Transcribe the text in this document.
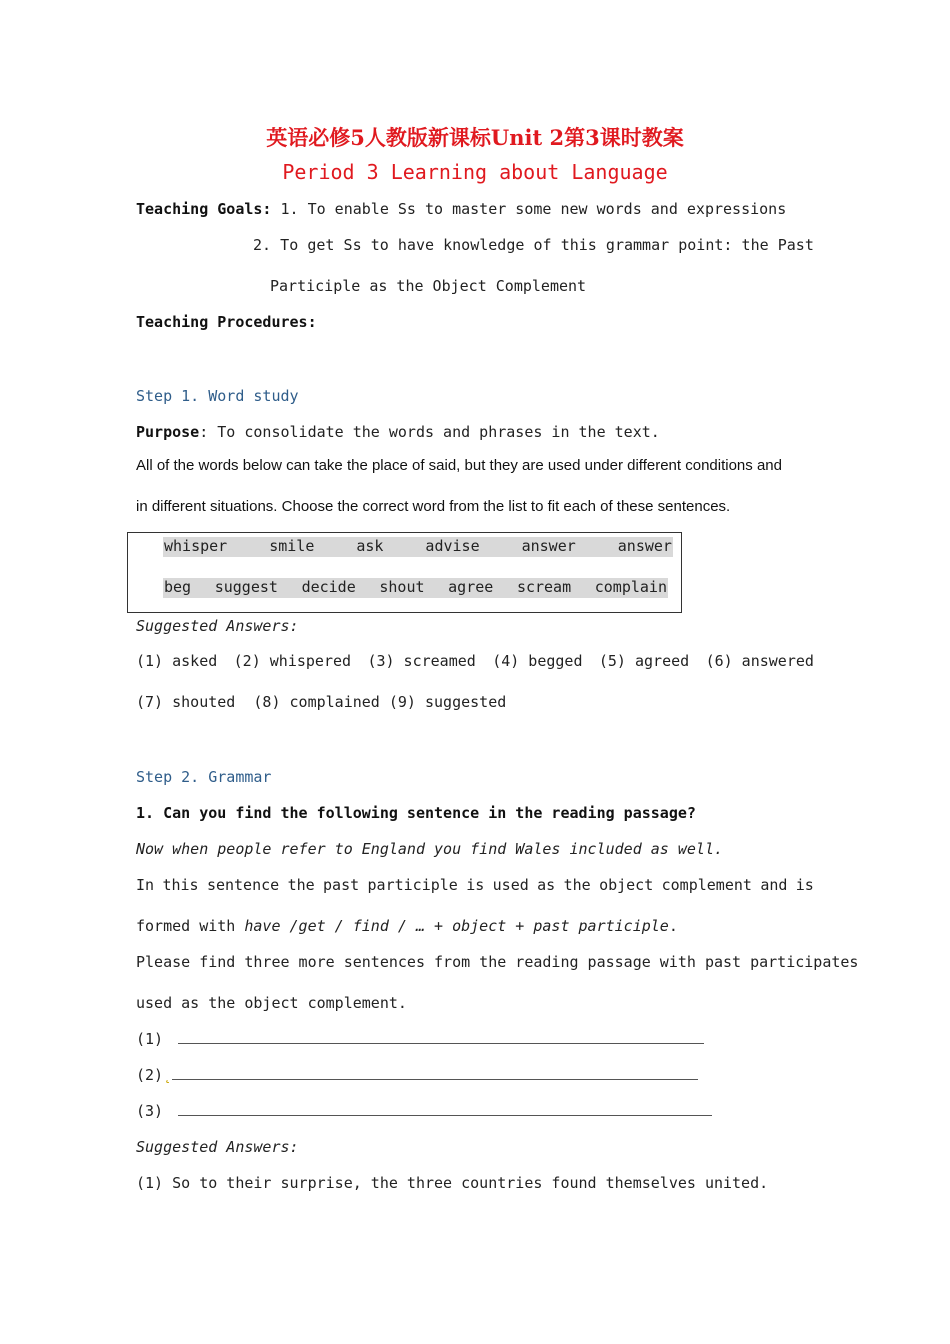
英语必修5人教版新课标Unit 2第3课时教案
Period 3 Learning about Language
Teaching Goals: 1. To enable Ss to master some new words and expressions
2. To get Ss to have knowledge of this grammar point: the Past
Participle as the Object Complement
Teaching Procedures:
Step 1. Word study
Purpose: To consolidate the words and phrases in the text.
All of the words below can take the place of said, but they are used under different conditions and
in different situations. Choose the correct word from the list to fit each of these sentences.
whisper	smile	ask	advise	answer	answer
beg suggest decide shout agree scream complain
Suggested Answers:
(1) asked (2) whispered (3) screamed (4) begged (5) agreed (6) answered
(7) shouted  (8) complained (9) suggested
Step 2. Grammar
1. Can you find the following sentence in the reading passage?
Now when people refer to England you find Wales included as well.
In this sentence the past participle is used as the object complement and is
formed with have /get / find / … + object + past participle.
Please find three more sentences from the reading passage with past participates
used as the object complement.
(1)
(2)˛
(3)
Suggested Answers:
(1) So to their surprise, the three countries found themselves united.
